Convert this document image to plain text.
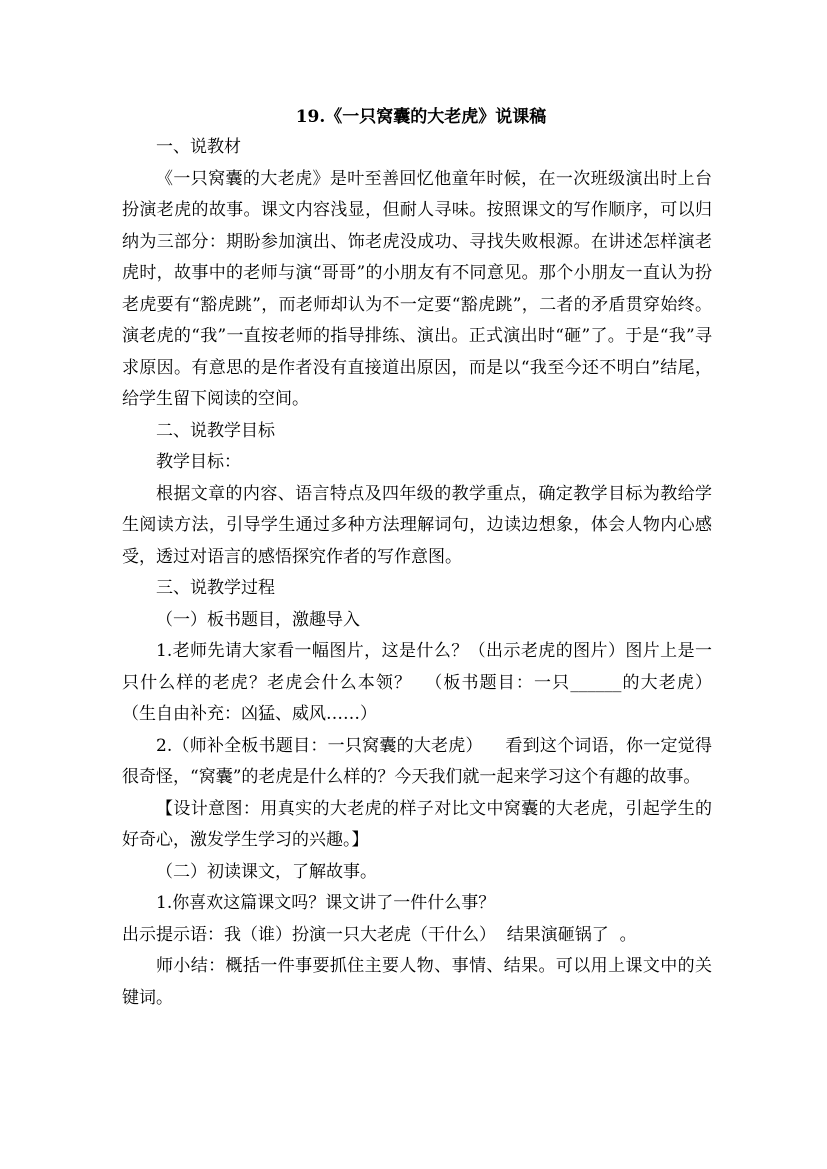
19.《一只窝囊的大老虎》说课稿

一、说教材

《一只窝囊的大老虎》是叶至善回忆他童年时候，在一次班级演出时上台扮演老虎的故事。课文内容浅显，但耐人寻味。按照课文的写作顺序，可以归纳为三部分：期盼参加演出、饰老虎没成功、寻找失败根源。在讲述怎样演老虎时，故事中的老师与演“哥哥”的小朋友有不同意见。那个小朋友一直认为扮老虎要有“豁虎跳”，而老师却认为不一定要“豁虎跳”，二者的矛盾贯穿始终。演老虎的“我”一直按老师的指导排练、演出。正式演出时“砸”了。于是“我”寻求原因。有意思的是作者没有直接道出原因，而是以“我至今还不明白”结尾，给学生留下阅读的空间。

二、说教学目标

教学目标：

根据文章的内容、语言特点及四年级的教学重点，确定教学目标为教给学生阅读方法，引导学生通过多种方法理解词句，边读边想象，体会人物内心感受，透过对语言的感悟探究作者的写作意图。

三、说教学过程

（一）板书题目，激趣导入

1.老师先请大家看一幅图片，这是什么？（出示老虎的图片）图片上是一只什么样的老虎？老虎会什么本领？  （板书题目：一只______的大老虎）    （生自由补充：凶猛、威风……）

2.（师补全板书题目：一只窝囊的大老虎）    看到这个词语，你一定觉得很奇怪，“窝囊”的老虎是什么样的？今天我们就一起来学习这个有趣的故事。

【设计意图：用真实的大老虎的样子对比文中窝囊的大老虎，引起学生的好奇心，激发学生学习的兴趣。】

（二）初读课文，了解故事。

1.你喜欢这篇课文吗？课文讲了一件什么事？

出示提示语：我（谁）扮演一只大老虎（干什么）  结果演砸锅了  。

师小结：概括一件事要抓住主要人物、事情、结果。可以用上课文中的关键词。
